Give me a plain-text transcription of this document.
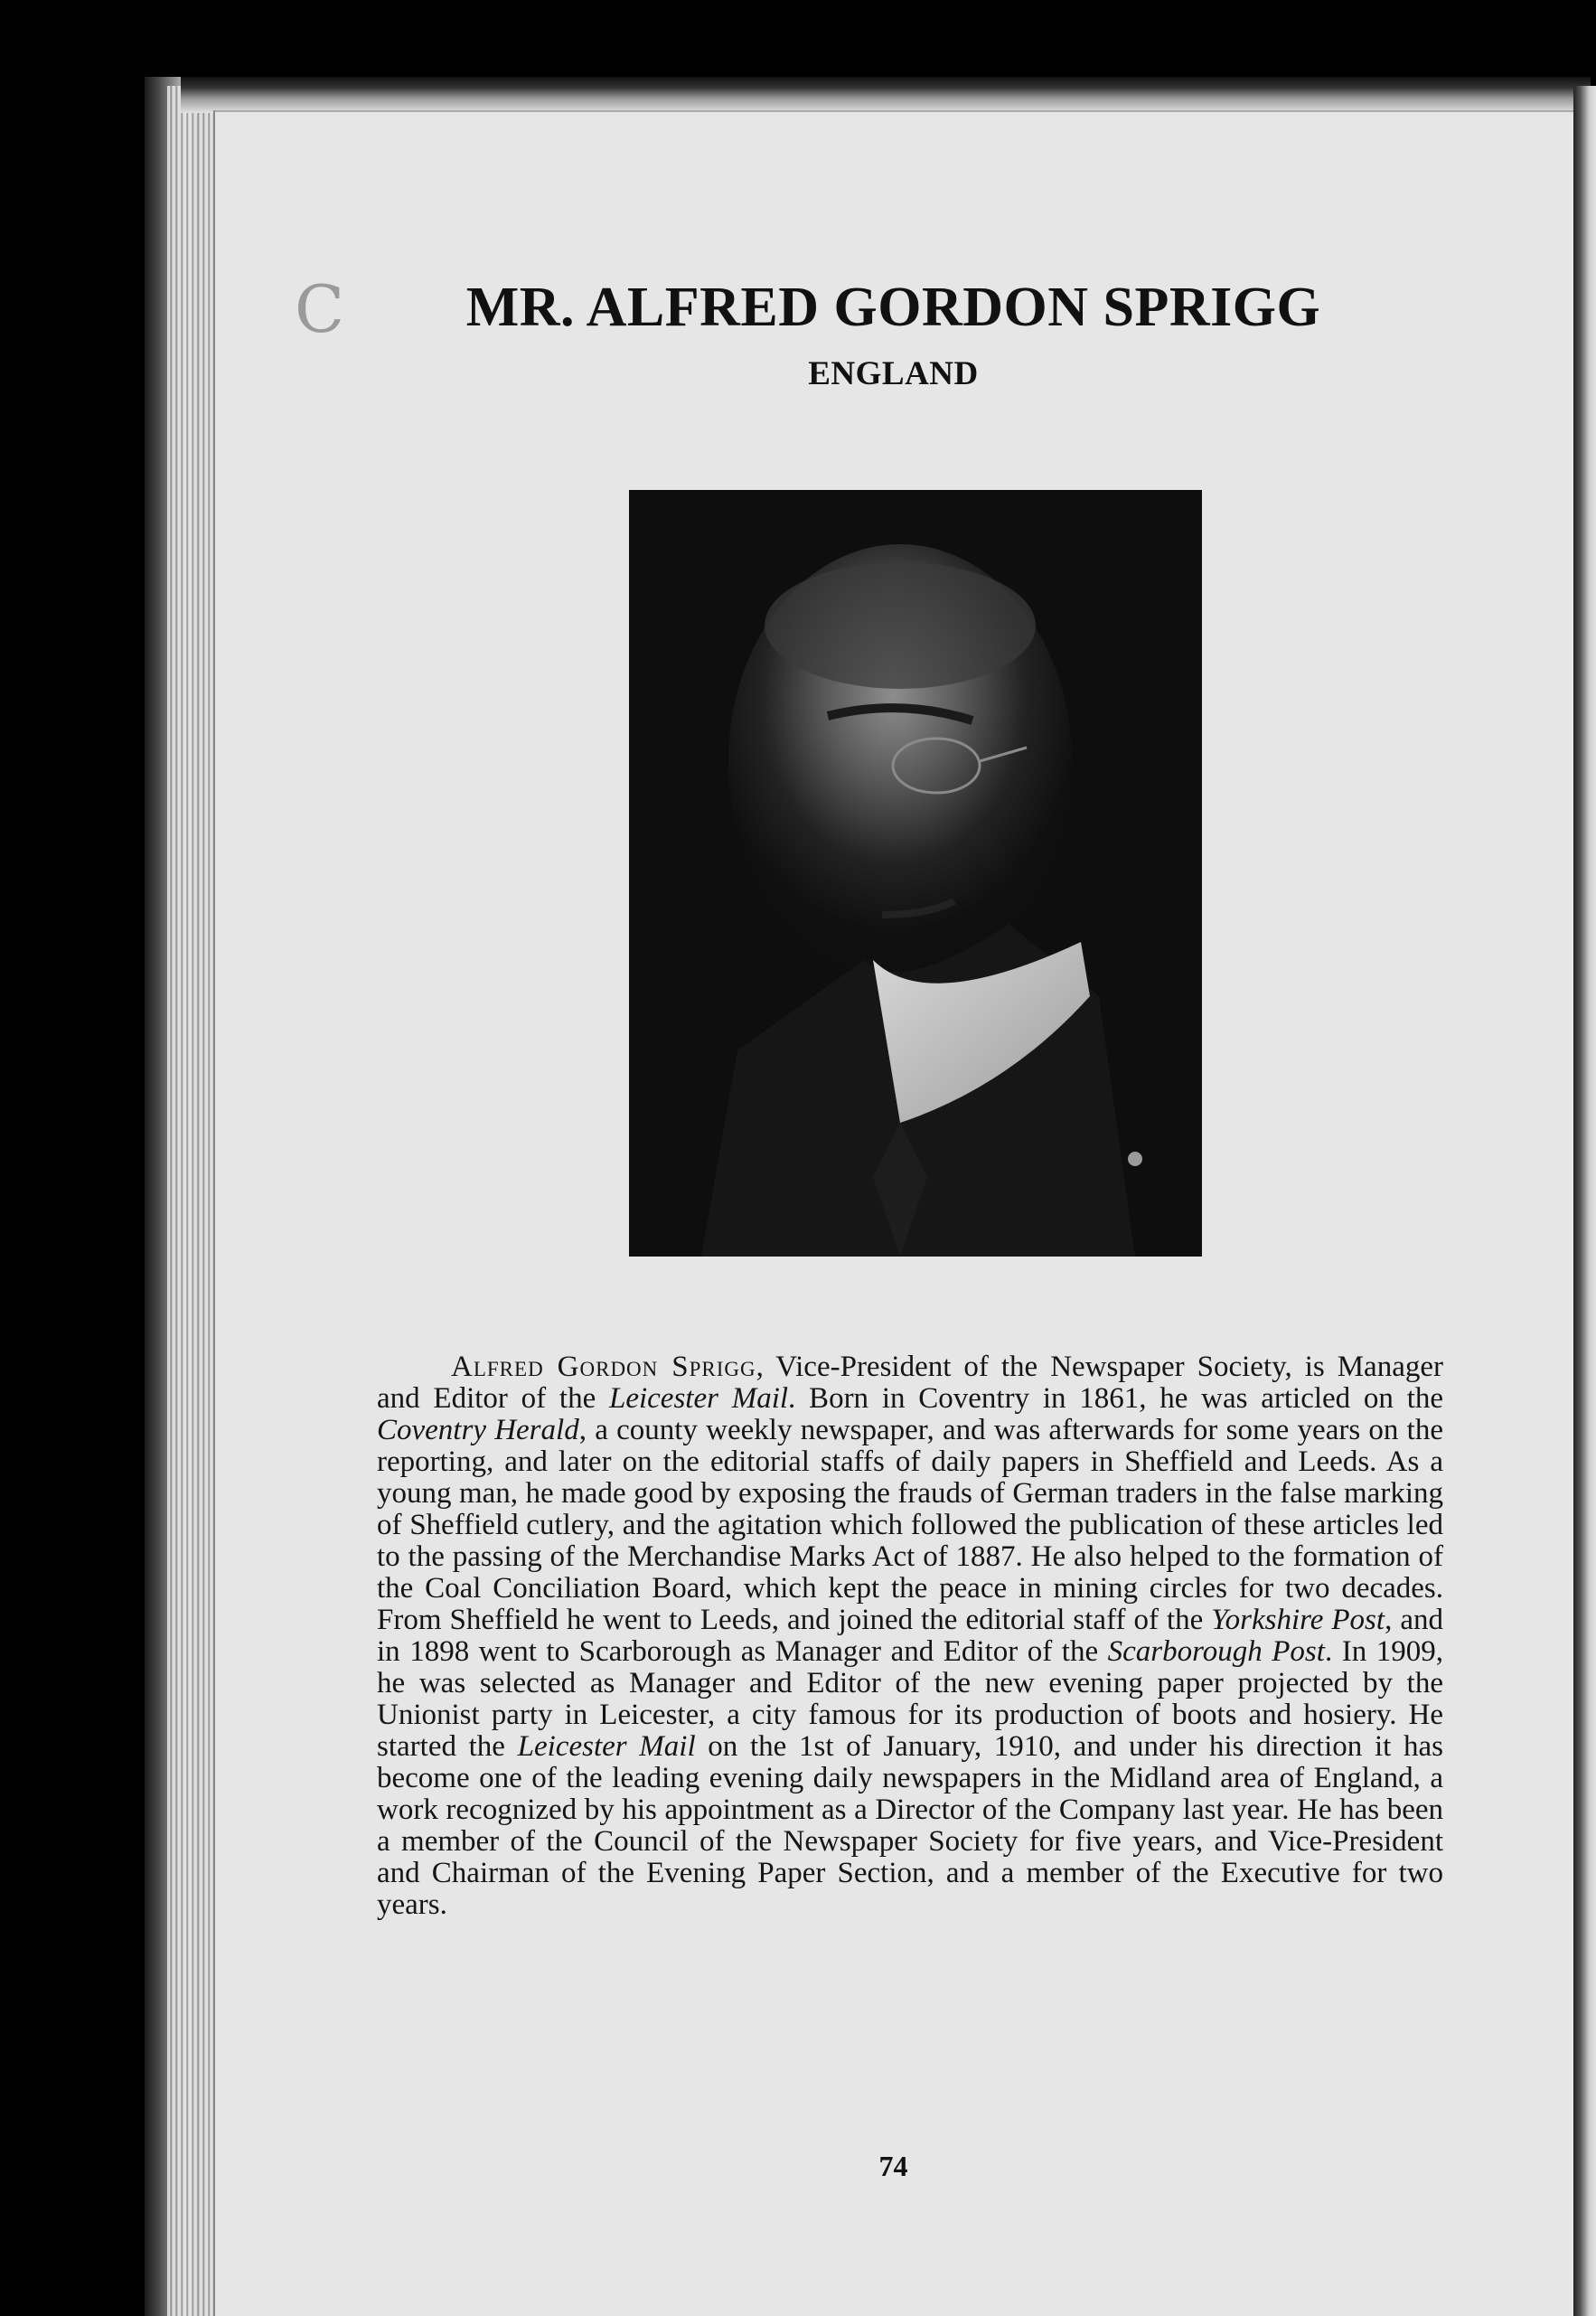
C	MR. ALFRED GORDON SPRIGG
ENGLAND

Alfred Gordon Sprigg, Vice-President of the Newspaper Society, is Manager and Editor of the Leicester Mail. Born in Coventry in 1861, he was articled on the Coventry Herald, a county weekly newspaper, and was afterwards for some years on the reporting, and later on the editorial staffs of daily papers in Sheffield and Leeds. As a young man, he made good by exposing the frauds of German traders in the false marking of Sheffield cutlery, and the agitation which followed the publication of these articles led to the passing of the Merchandise Marks Act of 1887. He also helped to the formation of the Coal Conciliation Board, which kept the peace in mining circles for two decades. From Sheffield he went to Leeds, and joined the editorial staff of the Yorkshire Post, and in 1898 went to Scarborough as Manager and Editor of the Scarborough Post. In 1909, he was selected as Manager and Editor of the new evening paper projected by the Unionist party in Leicester, a city famous for its production of boots and hosiery. He started the Leicester Mail on the 1st of January, 1910, and under his direction it has become one of the leading evening daily newspapers in the Midland area of England, a work recognized by his appointment as a Director of the Company last year. He has been a member of the Council of the Newspaper Society for five years, and Vice-President and Chairman of the Evening Paper Section, and a member of the Executive for two years.

74
